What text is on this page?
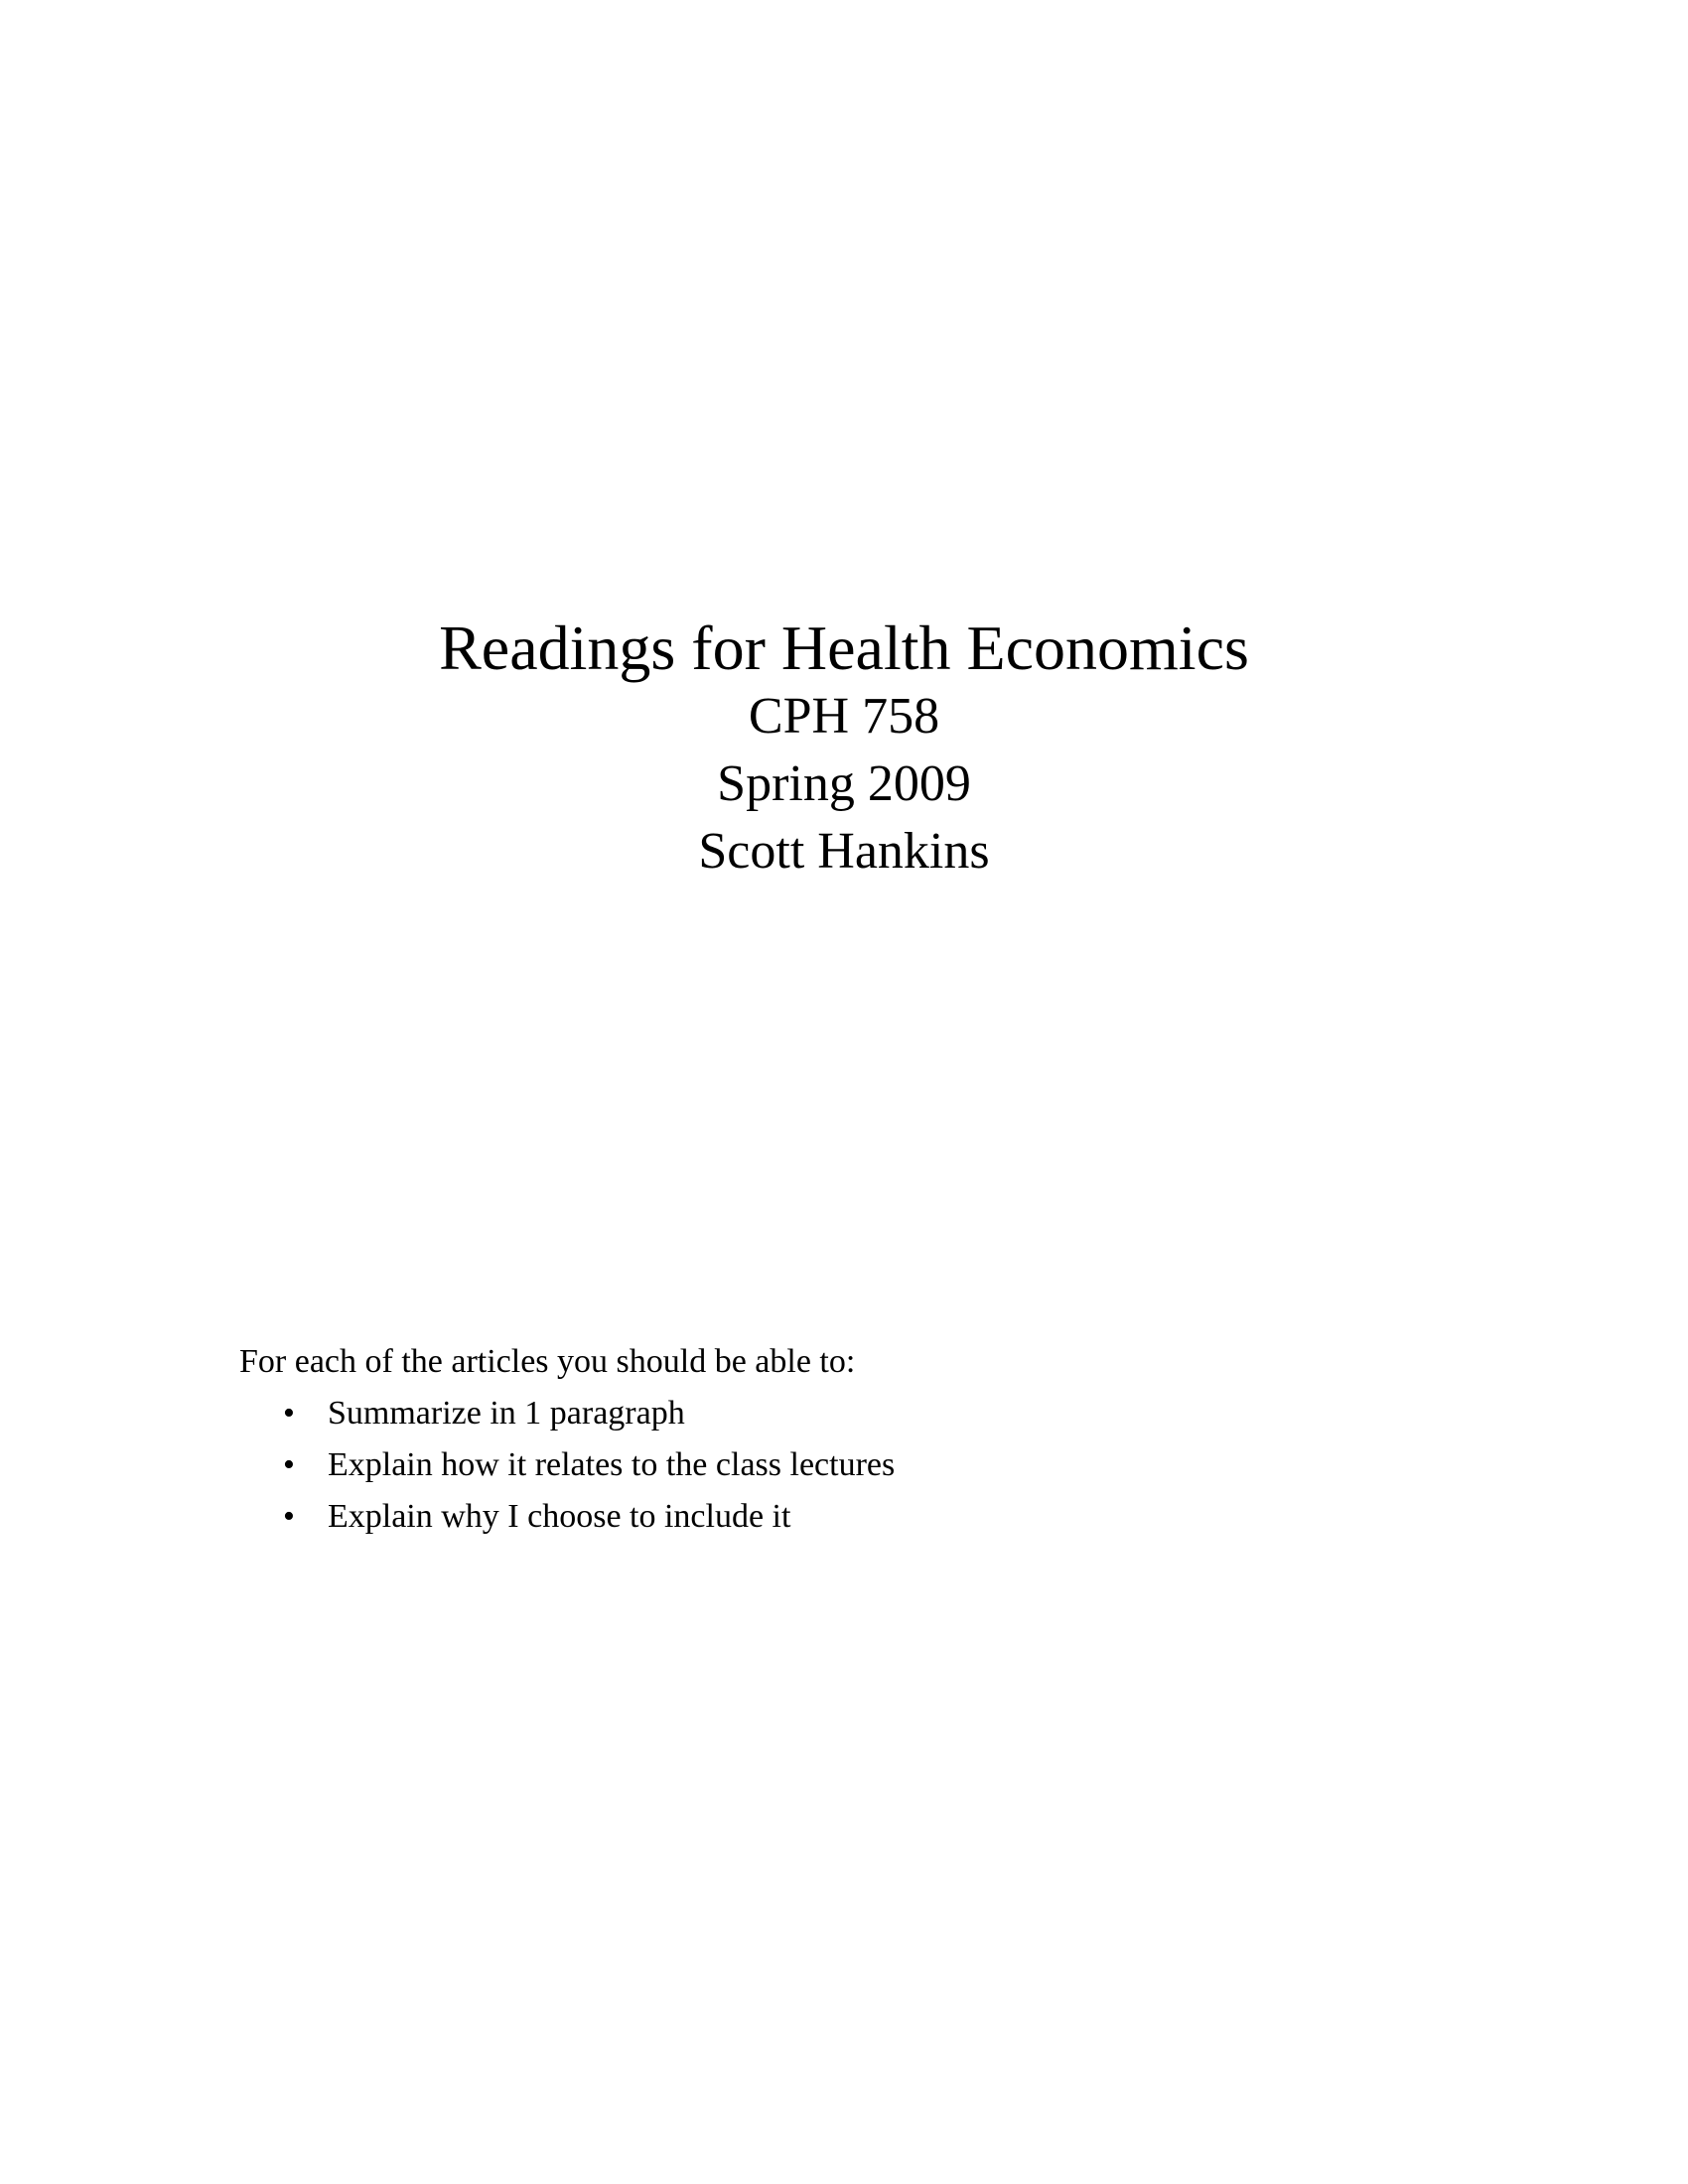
Readings for Health Economics
CPH 758
Spring 2009
Scott Hankins
For each of the articles you should be able to:
• Summarize in 1 paragraph
• Explain how it relates to the class lectures
• Explain why I choose to include it
